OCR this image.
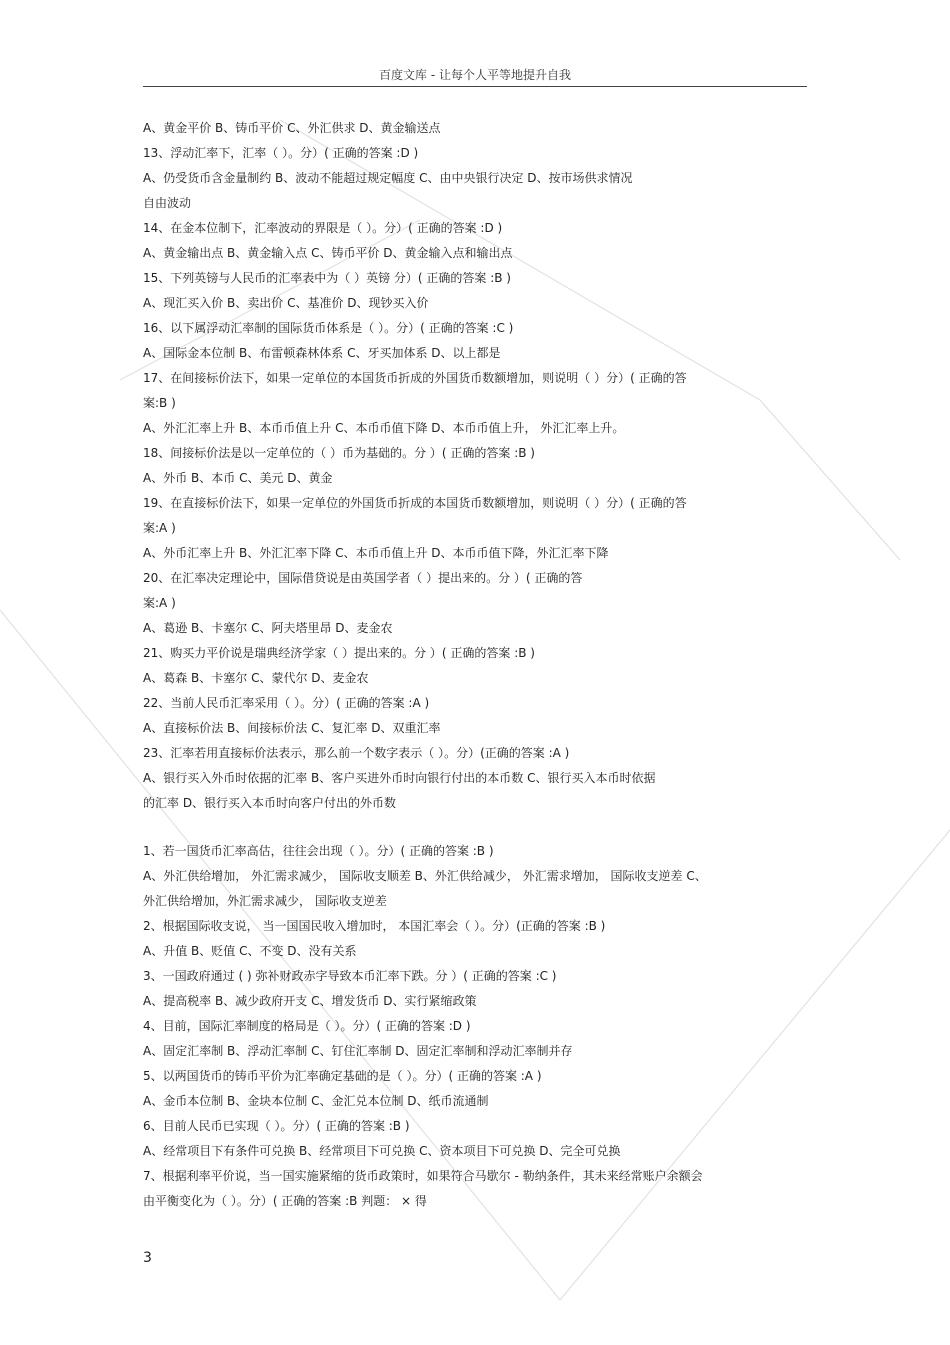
百度文库 - 让每个人平等地提升自我
A、黄金平价 B、铸币平价 C、外汇供求 D、黄金输送点
13、浮动汇率下，汇率（ ）。分）( 正确的答案 :D )
A、仍受货币含金量制约 B、波动不能超过规定幅度 C、由中央银行决定 D、按市场供求情况
自由波动
14、在金本位制下，汇率波动的界限是（ ）。分）( 正确的答案 :D )
A、黄金输出点 B、黄金输入点 C、铸币平价 D、黄金输入点和输出点
15、下列英镑与人民币的汇率表中为（ ）英镑 分）( 正确的答案 :B )
A、现汇买入价 B、卖出价 C、基准价 D、现钞买入价
16、以下属浮动汇率制的国际货币体系是（ ）。分）( 正确的答案 :C )
A、国际金本位制 B、布雷顿森林体系 C、牙买加体系 D、以上都是
17、在间接标价法下，如果一定单位的本国货币折成的外国货币数额增加，则说明（ ）分）( 正确的答
案:B )
A、外汇汇率上升 B、本币币值上升 C、本币币值下降 D、本币币值上升， 外汇汇率上升。
18、间接标价法是以一定单位的（ ）币为基础的。分 ）( 正确的答案 :B )
A、外币 B、本币 C、美元 D、黄金
19、在直接标价法下，如果一定单位的外国货币折成的本国货币数额增加，则说明（ ）分）( 正确的答
案:A )
A、外币汇率上升 B、外汇汇率下降 C、本币币值上升 D、本币币值下降，外汇汇率下降
20、在汇率决定理论中，国际借贷说是由英国学者（ ）提出来的。分 ）( 正确的答
案:A )
A、葛逊 B、卡塞尔 C、阿夫塔里昂 D、麦金农
21、购买力平价说是瑞典经济学家（ ）提出来的。分 ）( 正确的答案 :B )
A、葛森 B、卡塞尔 C、蒙代尔 D、麦金农
22、当前人民币汇率采用（ ）。分）( 正确的答案 :A )
A、直接标价法 B、间接标价法 C、复汇率 D、双重汇率
23、汇率若用直接标价法表示，那么前一个数字表示（ ）。分）(正确的答案 :A )
A、银行买入外币时依据的汇率 B、客户买进外币时向银行付出的本币数 C、银行买入本币时依据
的汇率 D、银行买入本币时向客户付出的外币数
1、若一国货币汇率高估，往往会出现（ ）。分）( 正确的答案 :B )
A、外汇供给增加， 外汇需求减少， 国际收支顺差 B、外汇供给减少， 外汇需求增加， 国际收支逆差 C、
外汇供给增加，外汇需求减少， 国际收支逆差
2、根据国际收支说， 当一国国民收入增加时， 本国汇率会（ ）。分）(正确的答案 :B )
A、升值 B、贬值 C、不变 D、没有关系
3、一国政府通过 ( ) 弥补财政赤字导致本币汇率下跌。分 ）( 正确的答案 :C )
A、提高税率 B、减少政府开支 C、增发货币 D、实行紧缩政策
4、目前，国际汇率制度的格局是（ ）。分）( 正确的答案 :D )
A、固定汇率制 B、浮动汇率制 C、钉住汇率制 D、固定汇率制和浮动汇率制并存
5、以两国货币的铸币平价为汇率确定基础的是（ ）。分）( 正确的答案 :A )
A、金币本位制 B、金块本位制 C、金汇兑本位制 D、纸币流通制
6、目前人民币已实现（ ）。分）( 正确的答案 :B )
A、经常项目下有条件可兑换 B、经常项目下可兑换 C、资本项目下可兑换 D、完全可兑换
7、根据利率平价说，当一国实施紧缩的货币政策时，如果符合马歇尔 - 勒纳条件，其未来经常账户余额会
由平衡变化为（ ）。分）( 正确的答案 :B 判题： × 得
3
